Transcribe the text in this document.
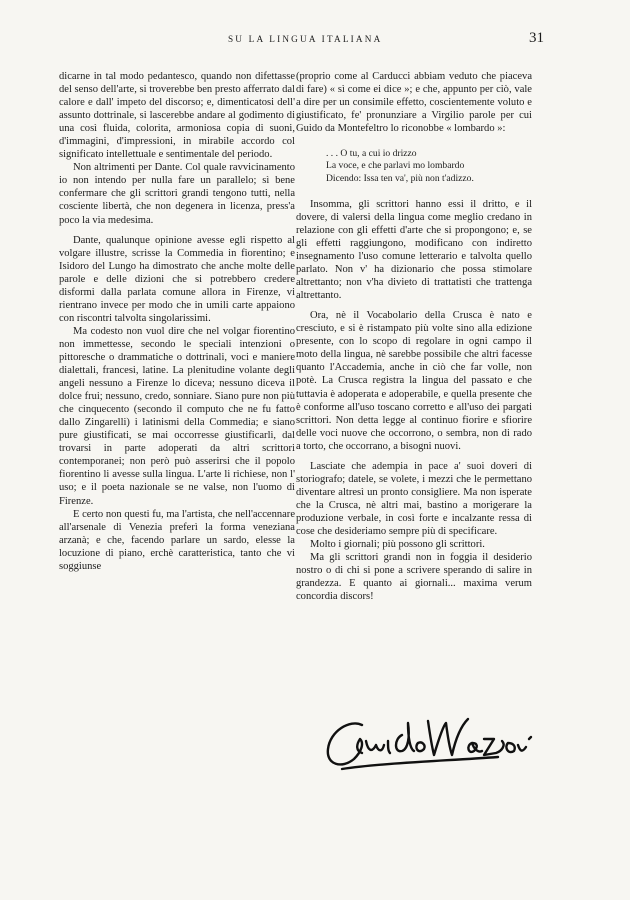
SU LA LINGUA ITALIANA	31

dicarne in tal modo pedantesco, quando non difettasse del senso dell'arte, si troverebbe ben presto afferrato dal calore e dall' impeto del discorso; e, dimenticatosi dell' assunto dottrinale, si lascerebbe andare al godimento di una così fluida, colorita, armoniosa copia di suoni, d'immagini, d'impressioni, in mirabile accordo col significato intellettuale e sentimentale del periodo.

Non altrimenti per Dante. Col quale ravvicinamento io non intendo per nulla fare un parallelo; sì bene confermare che gli scrittori grandi tengono tutti, nella cosciente libertà, che non degenera in licenza, press'a poco la via medesima.

Dante, qualunque opinione avesse egli rispetto al volgare illustre, scrisse la Commedia in fiorentino; e Isidoro del Lungo ha dimostrato che anche molte delle parole e delle dizioni che si potrebbero credere disformi dalla parlata comune allora in Firenze, vi rientrano invece per modo che in umili carte appaiono con riscontri talvolta singolarissimi.

Ma codesto non vuol dire che nel volgar fiorentino non immettesse, secondo le speciali intenzioni o pittoresche o drammatiche o dottrinali, voci e maniere dialettali, francesi, latine. La plenitudine volante degli angeli nessuno a Firenze lo diceva; nessuno diceva il dolce frui; nessuno, credo, sonniare. Siano pure non più che cinquecento (secondo il computo che ne fu fatto dallo Zingarelli) i latinismi della Commedia; e siano pure giustificati, se mai occorresse giustificarli, dal trovarsi in parte adoperati da altri scrittori contemporanei; non però può asserirsi che il popolo fiorentino li avesse sulla lingua. L'arte li richiese, non l' uso; e il poeta nazionale se ne valse, non l'uomo di Firenze.

E certo non questi fu, ma l'artista, che nell'accennare all'arsenale di Venezia preferì la forma veneziana arzanà; e che, facendo parlare un sardo, elesse la locuzione di piano, erchè caratteristica, tanto che vi soggiunse

(proprio come al Carducci abbiam veduto che piaceva di fare) « sì come ei dice »; e che, appunto per ciò, vale a dire per un consimile effetto, coscientemente voluto e giustificato, fe' pronunziare a Virgilio parole per cui Guido da Montefeltro lo riconobbe « lombardo »:

. . . O tu, a cui io drizzo
La voce, e che parlavi mo lombardo
Dicendo: Issa ten va', più non t'adizzo.

Insomma, gli scrittori hanno essi il dritto, e il dovere, di valersi della lingua come meglio credano in relazione con gli effetti d'arte che si propongono; e, se gli effetti raggiungono, modificano con indiretto insegnamento l'uso comune letterario e talvolta quello parlato. Non v' ha dizionario che possa stimolare altrettanto; non v'ha divieto di trattatisti che trattenga altrettanto.

Ora, nè il Vocabolario della Crusca è nato e cresciuto, e si è ristampato più volte sino alla edizione presente, con lo scopo di regolare in ogni campo il moto della lingua, nè sarebbe possibile che altri facesse quanto l'Accademia, anche in ciò che far volle, non potè. La Crusca registra la lingua del passato e che tuttavia è adoperata e adoperabile, e quella presente che è conforme all'uso toscano corretto e all'uso dei pargati scrittori. Non detta legge al continuo fiorire e sfiorire delle voci nuove che occorrono, o sembra, non di rado a torto, che occorrano, a bisogni nuovi.

Lasciate che adempia in pace a' suoi doveri di storiografo; datele, se volete, i mezzi che le permettano diventare altresì un pronto consigliere. Ma non isperate che la Crusca, nè altri mai, bastino a morigerare la produzione verbale, in così forte e incalzante ressa di cose che desideriamo sempre più di specificare.

Molto i giornali; più possono gli scrittori.

Ma gli scrittori grandi non in foggia il desiderio nostro o di chi si pone a scrivere sperando di salire in grandezza. E quanto ai giornali... maxima verum concordia discors!
